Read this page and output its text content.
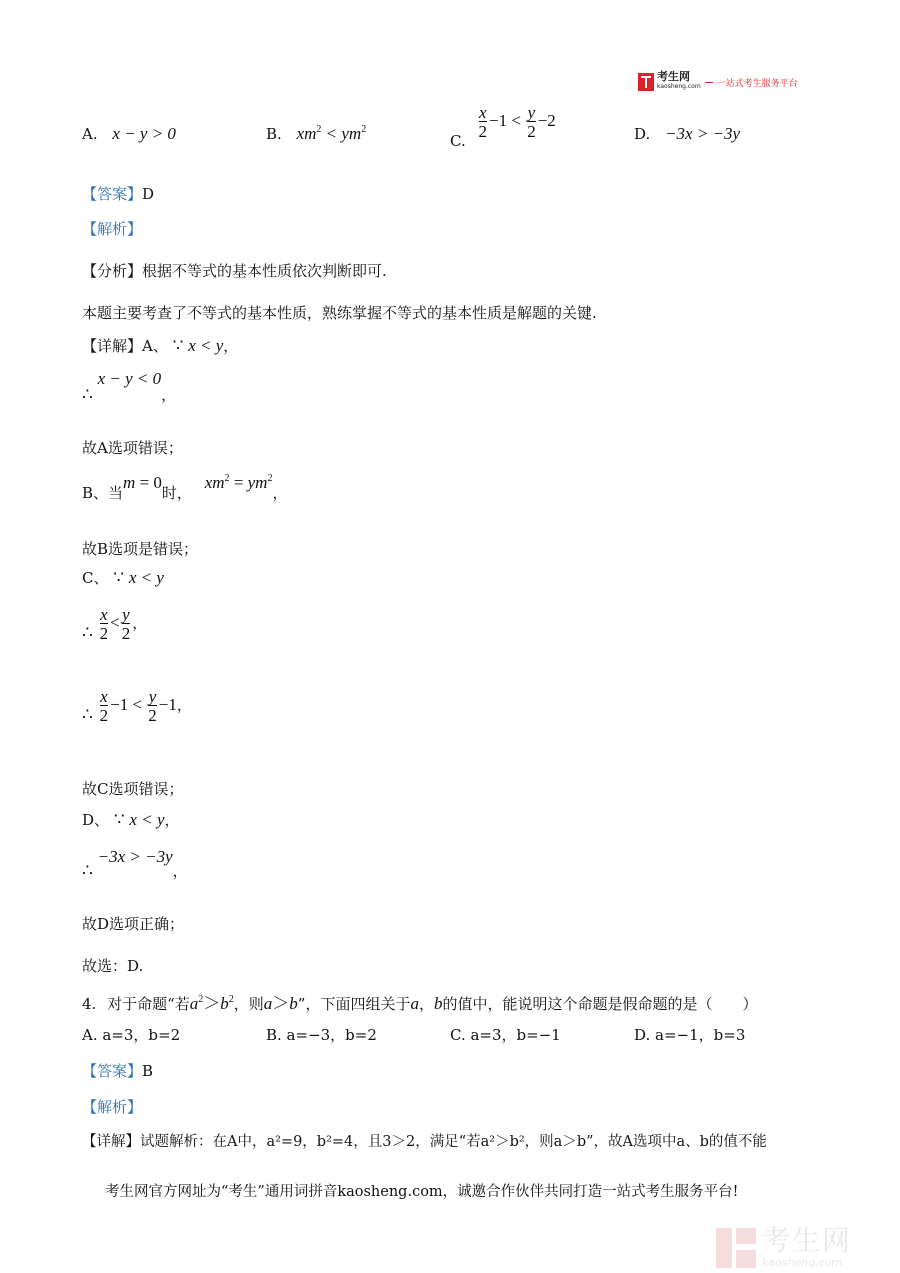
考生网
kaosheng.com 一站式考生服务平台
A. x − y > 0	B. $xm^2 < ym^2$
C.
$\frac{x}{2} -1 < \frac{y}{2} -2$
D. −3x > −3y
【答案】D
【解析】
【分析】根据不等式的基本性质依次判断即可.
本题主要考查了不等式的基本性质，熟练掌握不等式的基本性质是解题的关键.
【详解】A、 ∵ x < y，
∴ x − y < 0，
故A选项错误；
B、当m = 0时， $xm^2 = ym^2$，
故B选项是错误；
C、 ∵ x < y
∴ $\frac{x}{2} < \frac{y}{2}$ ，
∴ $\frac{x}{2} -1 < \frac{y}{2} -1$，
故C选项错误；
D、 ∵ x < y，
∴ −3x > −3y，
故D选项正确；
故选：D.
4. 对于命题“若$a^2>b^2$，则a＞b”，下面四组关于a，b的值中，能说明这个命题是假命题的是（　　）
A. a=3，b=2	B. a=−3，b=2	C. a=3，b=−1	D. a=−1，b=3
【答案】B
【解析】
【详解】试题解析：在A中，a²=9，b²=4，且3＞2，满足“若a²＞b²，则a＞b”，故A选项中a、b的值不能
考生网官方网址为“考生”通用词拼音kaosheng.com，诚邀合作伙伴共同打造一站式考生服务平台!
考生网
kaosheng.com
